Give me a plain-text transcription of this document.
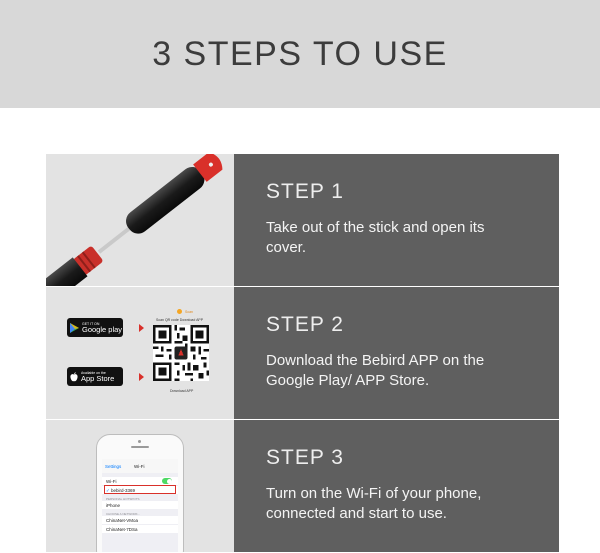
3 STEPS TO USE
STEP 1
Take out of the stick and open its cover.
GET IT ON
Google play
Available on the
App Store
Scan
Scan QR code Download APP
Download APP
STEP 2
Download the Bebird APP on the Google Play/ APP Store.
Settings	Wi-Fi
Wi-Fi
✓ bebird-3369
PERSONAL HOTSPOTS
iPhone
CHOOSE A NETWORK...
ChinaNet-VMoa
ChinaNet-7DSa
STEP 3
Turn on the Wi-Fi of your phone, connected and start to use.
